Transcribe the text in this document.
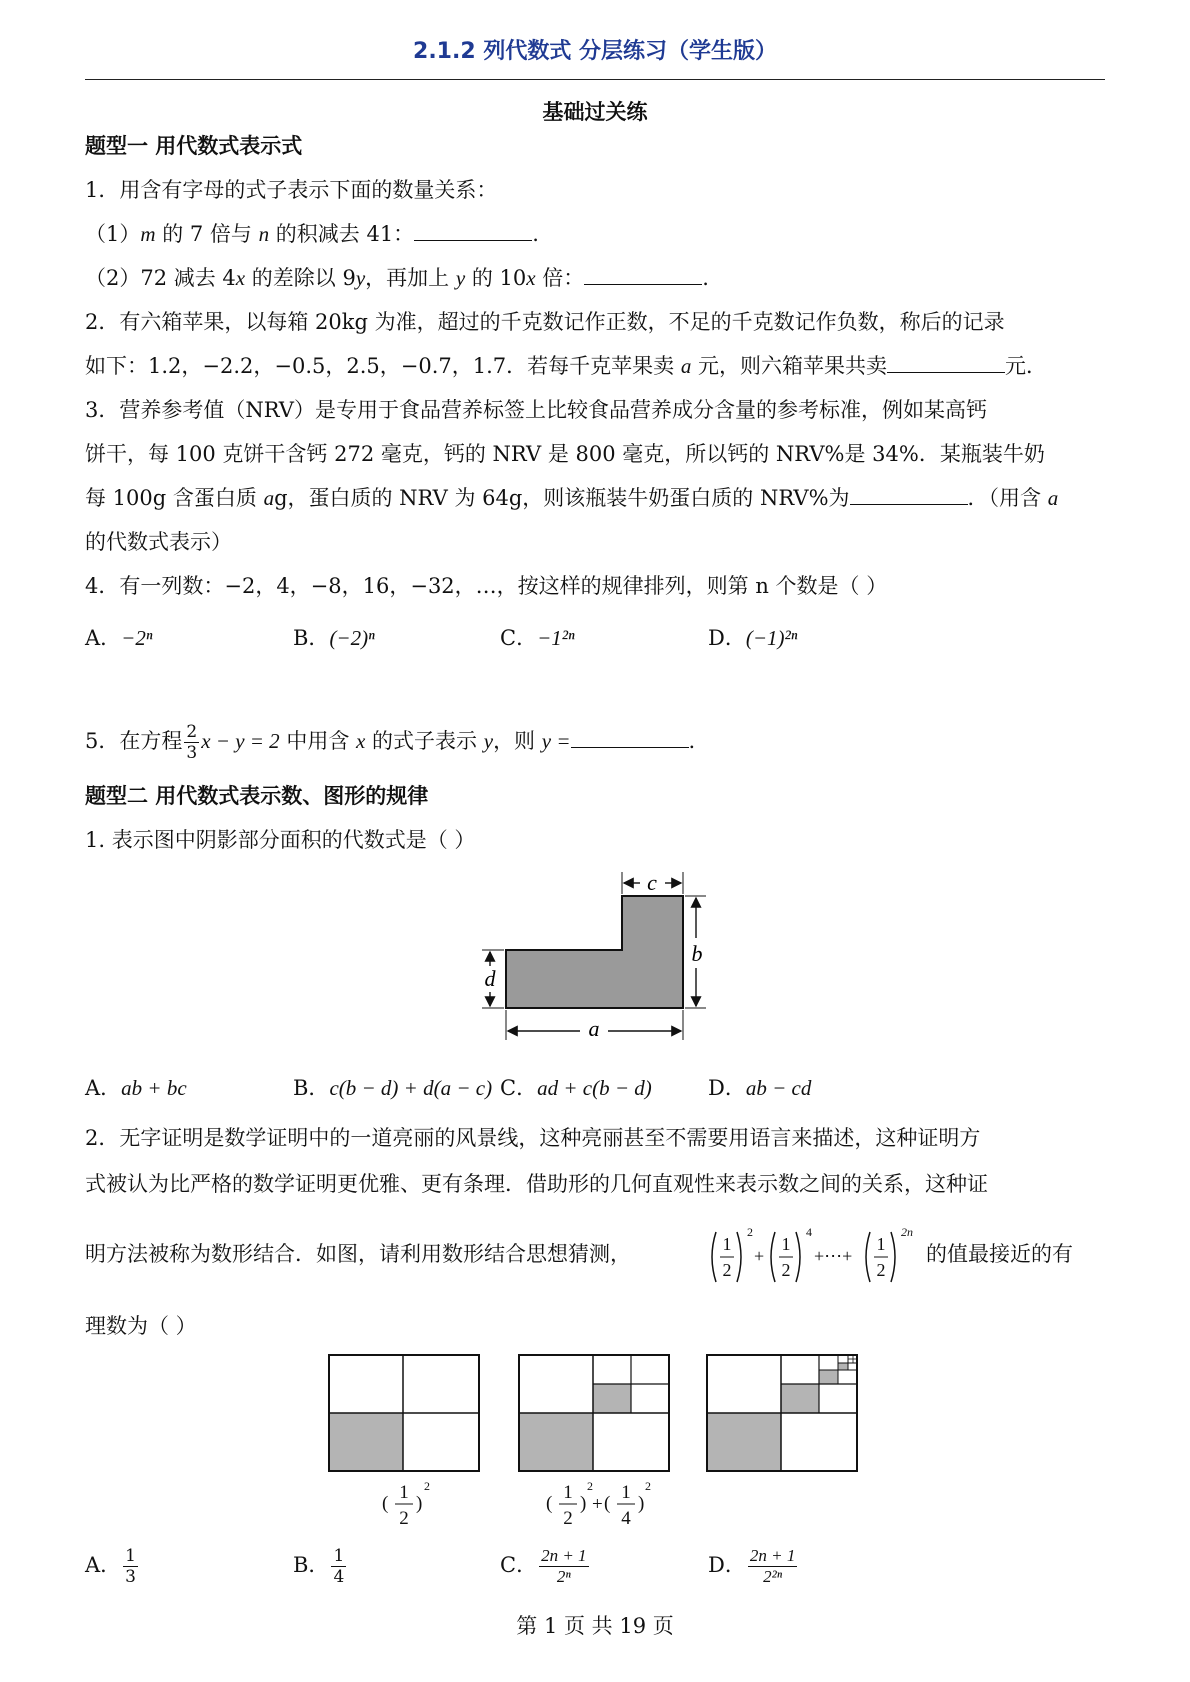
2.1.2 列代数式 分层练习（学生版）
基础过关练
题型一 用代数式表示式
1．用含有字母的式子表示下面的数量关系：
（1）m 的 7 倍与 n 的积减去 41：	.
（2）72 减去 4x 的差除以 9y，再加上 y 的 10x 倍：	.
2．有六箱苹果，以每箱 20kg 为准，超过的千克数记作正数，不足的千克数记作负数，称后的记录
如下：1.2，−2.2，−0.5，2.5，−0.7，1.7．若每千克苹果卖 a 元，则六箱苹果共卖	元．
3．营养参考值（NRV）是专用于食品营养标签上比较食品营养成分含量的参考标准，例如某高钙
饼干，每 100 克饼干含钙 272 毫克，钙的 NRV 是 800 毫克，所以钙的 NRV%是 34%．某瓶装牛奶
每 100g 含蛋白质 ag，蛋白质的 NRV 为 64g，则该瓶装牛奶蛋白质的 NRV%为	．（用含 a
的代数式表示）
4．有一列数：−2，4，−8，16，−32，…，按这样的规律排列，则第 n 个数是（ ）
A．−2ⁿ	B．(−2)ⁿ	C．−1²ⁿ	D．(−1)²ⁿ
5．在方程 $\frac{2}{3}$ x − y = 2 中用含 x 的式子表示 y，则 y =	.
题型二 用代数式表示数、图形的规律
1. 表示图中阴影部分面积的代数式是（ ）
c
b
d
a
A．ab + bc	B．c(b − d) + d(a − c) C．ad + c(b − d)	D．ab − cd
2．无字证明是数学证明中的一道亮丽的风景线，这种亮丽甚至不需要用语言来描述，这种证明方
式被认为比严格的数学证明更优雅、更有条理．借助形的几何直观性来表示数之间的关系，这种证
明方法被称为数形结合．如图，请利用数形结合思想猜测，	1
2
2
+
1
2
4
+⋯+
1
2
2n
的值最接近的有
理数为（ ）
(
1
2
)
2
(
1
2
)
2
+ (
1
4
)
2
A． $\frac{1}{3}$	B． $\frac{1}{4}$	C． $\frac{2n + 1}{\text{2ⁿ}}$	D． $\frac{2n + 1}{\text{2²ⁿ}}$
第 1 页 共 19 页
